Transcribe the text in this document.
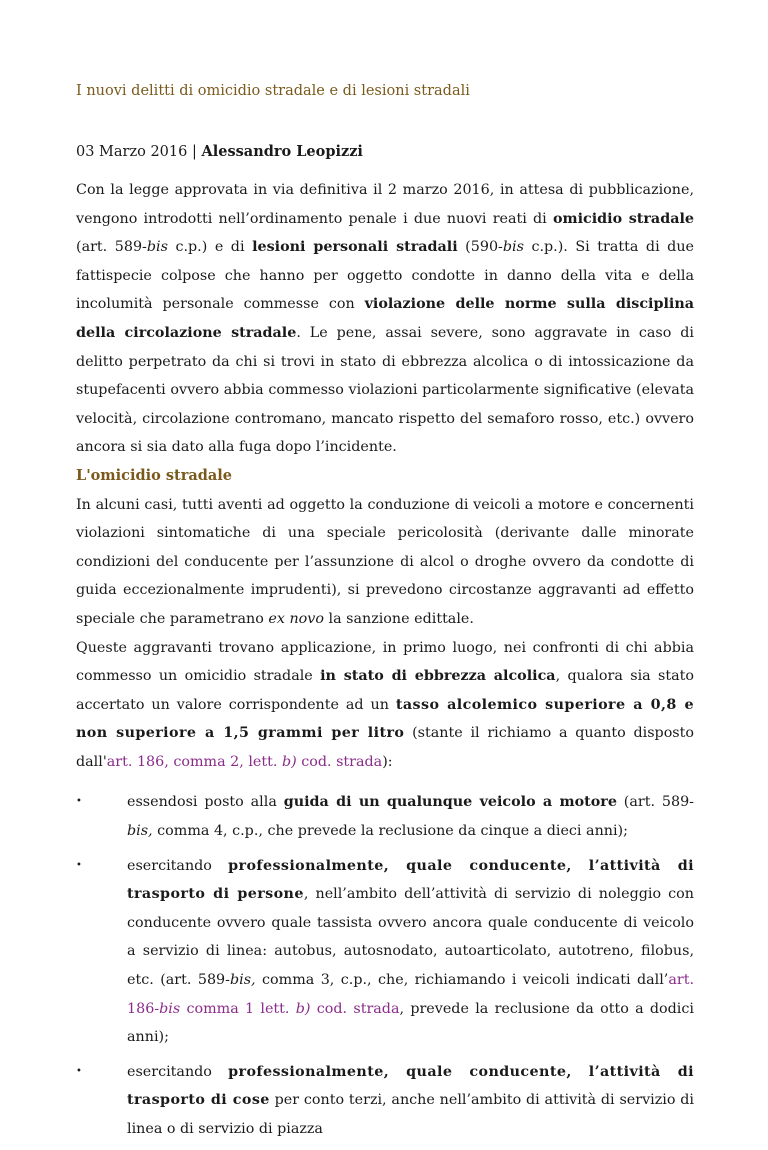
I nuovi delitti di omicidio stradale e di lesioni stradali
03 Marzo 2016 | Alessandro Leopizzi

Con la legge approvata in via definitiva il 2 marzo 2016, in attesa di pubblicazione, vengono introdotti nell’ordinamento penale i due nuovi reati di omicidio stradale (art. 589-bis c.p.) e di lesioni personali stradali (590-bis c.p.). Si tratta di due fattispecie colpose che hanno per oggetto condotte in danno della vita e della incolumità personale commesse con violazione delle norme sulla disciplina della circolazione stradale. Le pene, assai severe, sono aggravate in caso di delitto perpetrato da chi si trovi in stato di ebbrezza alcolica o di intossicazione da stupefacenti ovvero abbia commesso violazioni particolarmente significative (elevata velocità, circolazione contromano, mancato rispetto del semaforo rosso, etc.) ovvero ancora si sia dato alla fuga dopo l’incidente.

L'omicidio stradale

In alcuni casi, tutti aventi ad oggetto la conduzione di veicoli a motore e concernenti violazioni sintomatiche di una speciale pericolosità (derivante dalle minorate condizioni del conducente per l’assunzione di alcol o droghe ovvero da condotte di guida eccezionalmente imprudenti), si prevedono circostanze aggravanti ad effetto speciale che parametrano ex novo la sanzione edittale.

Queste aggravanti trovano applicazione, in primo luogo, nei confronti di chi abbia commesso un omicidio stradale in stato di ebbrezza alcolica, qualora sia stato accertato un valore corrispondente ad un tasso alcolemico superiore a 0,8 e non superiore a 1,5 grammi per litro (stante il richiamo a quanto disposto dall'art. 186, comma 2, lett. b) cod. strada):

•	essendosi posto alla guida di un qualunque veicolo a motore (art. 589-bis, comma 4, c.p., che prevede la reclusione da cinque a dieci anni);
•	esercitando professionalmente, quale conducente, l’attività di trasporto di persone, nell’ambito dell’attività di servizio di noleggio con conducente ovvero quale tassista ovvero ancora quale conducente di veicolo a servizio di linea: autobus, autosnodato, autoarticolato, autotreno, filobus, etc. (art. 589-bis, comma 3, c.p., che, richiamando i veicoli indicati dall’art. 186-bis comma 1 lett. b) cod. strada, prevede la reclusione da otto a dodici anni);
•	esercitando professionalmente, quale conducente, l’attività di trasporto di cose per conto terzi, anche nell’ambito di attività di servizio di linea o di servizio di piazza
